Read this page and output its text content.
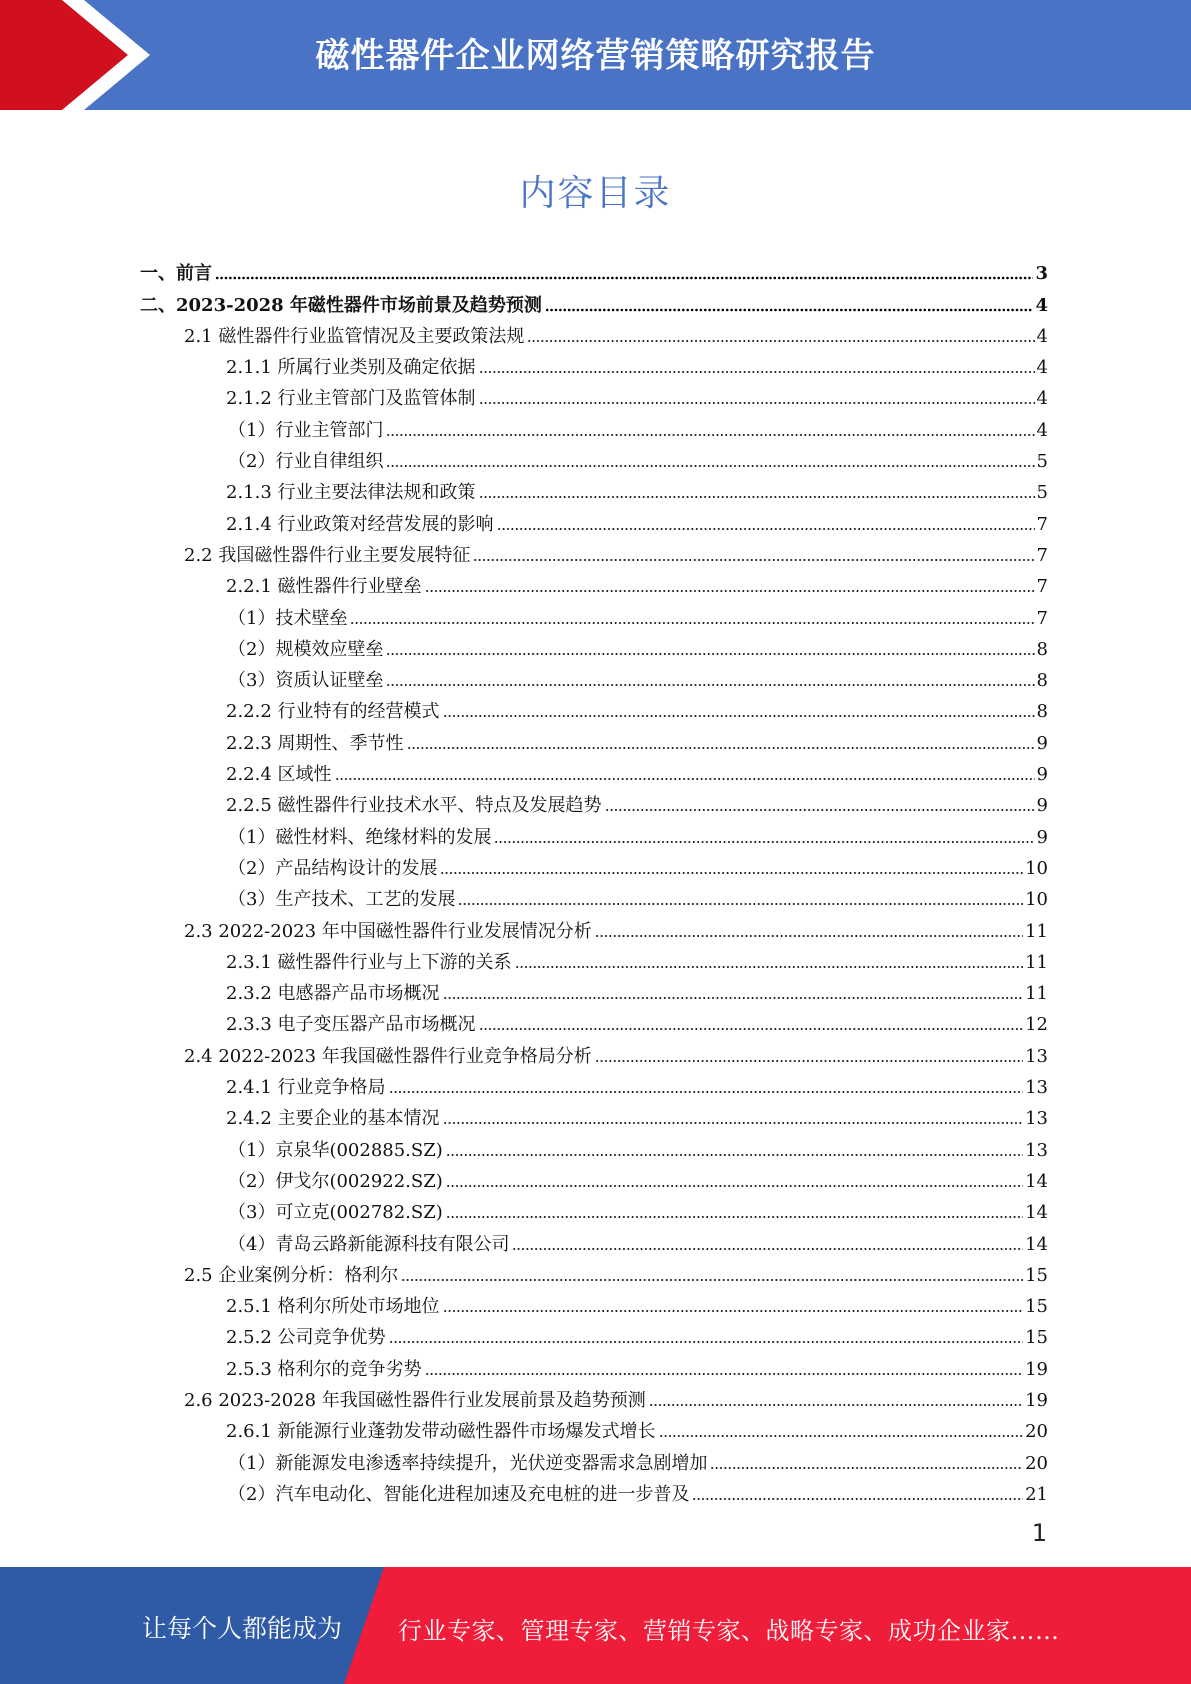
磁性器件企业网络营销策略研究报告
内容目录
一、前言	3
二、2023-2028 年磁性器件市场前景及趋势预测	4
2.1 磁性器件行业监管情况及主要政策法规	4
2.1.1 所属行业类别及确定依据	4
2.1.2 行业主管部门及监管体制	4
（1）行业主管部门	4
（2）行业自律组织	5
2.1.3 行业主要法律法规和政策	5
2.1.4 行业政策对经营发展的影响	7
2.2 我国磁性器件行业主要发展特征	7
2.2.1 磁性器件行业壁垒	7
（1）技术壁垒	7
（2）规模效应壁垒	8
（3）资质认证壁垒	8
2.2.2 行业特有的经营模式	8
2.2.3 周期性、季节性	9
2.2.4 区域性	9
2.2.5 磁性器件行业技术水平、特点及发展趋势	9
（1）磁性材料、绝缘材料的发展	9
（2）产品结构设计的发展	10
（3）生产技术、工艺的发展	10
2.3 2022-2023 年中国磁性器件行业发展情况分析	11
2.3.1 磁性器件行业与上下游的关系	11
2.3.2 电感器产品市场概况	11
2.3.3 电子变压器产品市场概况	12
2.4 2022-2023 年我国磁性器件行业竞争格局分析	13
2.4.1 行业竞争格局	13
2.4.2 主要企业的基本情况	13
（1）京泉华(002885.SZ)	13
（2）伊戈尔(002922.SZ)	14
（3）可立克(002782.SZ)	14
（4）青岛云路新能源科技有限公司	14
2.5 企业案例分析：格利尔	15
2.5.1 格利尔所处市场地位	15
2.5.2 公司竞争优势	15
2.5.3 格利尔的竞争劣势	19
2.6 2023-2028 年我国磁性器件行业发展前景及趋势预测	19
2.6.1 新能源行业蓬勃发带动磁性器件市场爆发式增长	20
（1）新能源发电渗透率持续提升，光伏逆变器需求急剧增加	20
（2）汽车电动化、智能化进程加速及充电桩的进一步普及	21
1
让每个人都能成为 行业专家、管理专家、营销专家、战略专家、成功企业家……
